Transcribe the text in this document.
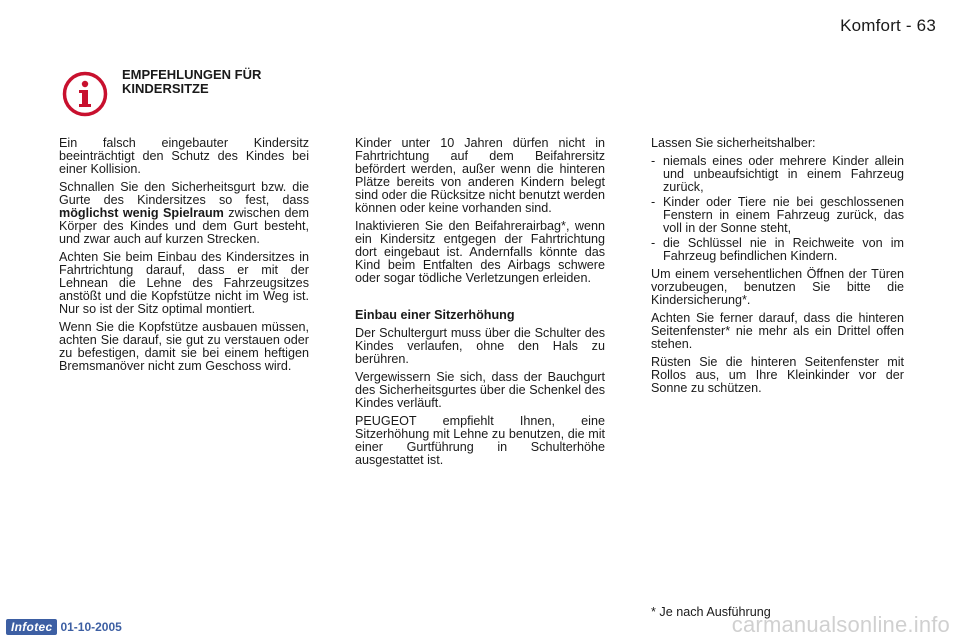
Komfort - 63
EMPFEHLUNGEN FÜR
KINDERSITZE

Ein falsch eingebauter Kindersitz beeinträchtigt den Schutz des Kindes bei einer Kollision.

Schnallen Sie den Sicherheitsgurt bzw. die Gurte des Kindersitzes so fest, dass möglichst wenig Spielraum zwischen dem Körper des Kindes und dem Gurt besteht, und zwar auch auf kurzen Strecken.

Achten Sie beim Einbau des Kindersitzes in Fahrtrichtung darauf, dass er mit der Lehnean die Lehne des Fahrzeugsitzes anstößt und die Kopfstütze nicht im Weg ist. Nur so ist der Sitz optimal montiert.

Wenn Sie die Kopfstütze ausbauen müssen, achten Sie darauf, sie gut zu verstauen oder zu befestigen, damit sie bei einem heftigen Bremsmanöver nicht zum Geschoss wird.

Kinder unter 10 Jahren dürfen nicht in Fahrtrichtung auf dem Beifahrersitz befördert werden, außer wenn die hinteren Plätze bereits von anderen Kindern belegt sind oder die Rücksitze nicht benutzt werden können oder keine vorhanden sind.

Inaktivieren Sie den Beifahrerairbag*, wenn ein Kindersitz entgegen der Fahrtrichtung dort eingebaut ist. Andernfalls könnte das Kind beim Entfalten des Airbags schwere oder sogar tödliche Verletzungen erleiden.

Einbau einer Sitzerhöhung

Der Schultergurt muss über die Schulter des Kindes verlaufen, ohne den Hals zu berühren.

Vergewissern Sie sich, dass der Bauchgurt des Sicherheitsgurtes über die Schenkel des Kindes verläuft.

PEUGEOT empfiehlt Ihnen, eine Sitzerhöhung mit Lehne zu benutzen, die mit einer Gurtführung in Schulterhöhe ausgestattet ist.

Lassen Sie sicherheitshalber:

- niemals eines oder mehrere Kinder allein und unbeaufsichtigt in einem Fahrzeug zurück,
- Kinder oder Tiere nie bei geschlossenen Fenstern in einem Fahrzeug zurück, das voll in der Sonne steht,
- die Schlüssel nie in Reichweite von im Fahrzeug befindlichen Kindern.

Um einem versehentlichen Öffnen der Türen vorzubeugen, benutzen Sie bitte die Kindersicherung*.

Achten Sie ferner darauf, dass die hinteren Seitenfenster* nie mehr als ein Drittel offen stehen.

Rüsten Sie die hinteren Seitenfenster mit Rollos aus, um Ihre Kleinkinder vor der Sonne zu schützen.

* Je nach Ausführung
Infotec 01-10-2005	carmanualsonline.info
